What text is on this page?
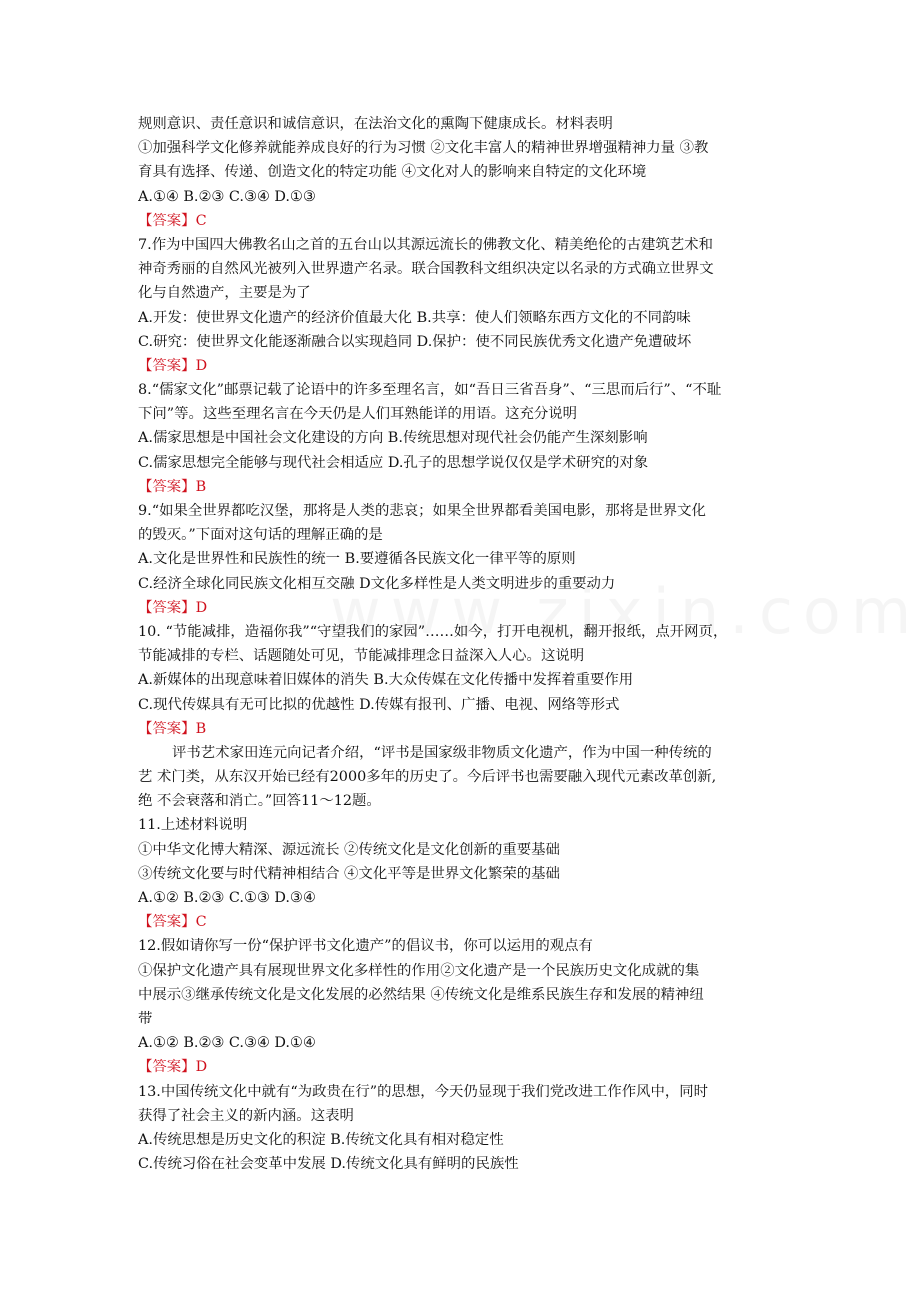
规则意识、责任意识和诚信意识，在法治文化的熏陶下健康成长。材料表明
①加强科学文化修养就能养成良好的行为习惯 ②文化丰富人的精神世界增强精神力量 ③教
育具有选择、传递、创造文化的特定功能 ④文化对人的影响来自特定的文化环境
A.①④ B.②③ C.③④ D.①③
【答案】C
7.作为中国四大佛教名山之首的五台山以其源远流长的佛教文化、精美绝伦的古建筑艺术和
神奇秀丽的自然风光被列入世界遗产名录。联合国教科文组织决定以名录的方式确立世界文
化与自然遗产，主要是为了
A.开发：使世界文化遗产的经济价值最大化 B.共享：使人们领略东西方文化的不同韵味
C.研究：使世界文化能逐渐融合以实现趋同 D.保护：使不同民族优秀文化遗产免遭破坏
【答案】D
8.“儒家文化”邮票记载了论语中的许多至理名言，如“吾日三省吾身”、“三思而后行”、“不耻
下问”等。这些至理名言在今天仍是人们耳熟能详的用语。这充分说明
A.儒家思想是中国社会文化建设的方向 B.传统思想对现代社会仍能产生深刻影响
C.儒家思想完全能够与现代社会相适应 D.孔子的思想学说仅仅是学术研究的对象
【答案】B
9.“如果全世界都吃汉堡，那将是人类的悲哀；如果全世界都看美国电影，那将是世界文化
的毁灭。”下面对这句话的理解正确的是
A.文化是世界性和民族性的统一 B.要遵循各民族文化一律平等的原则
C.经济全球化同民族文化相互交融 D文化多样性是人类文明进步的重要动力
【答案】D
10. “节能减排，造福你我”“守望我们的家园”……如今，打开电视机，翻开报纸，点开网页，
节能减排的专栏、话题随处可见，节能减排理念日益深入人心。这说明
A.新媒体的出现意味着旧媒体的消失 B.大众传媒在文化传播中发挥着重要作用
C.现代传媒具有无可比拟的优越性 D.传媒有报刊、广播、电视、网络等形式
【答案】B
评书艺术家田连元向记者介绍，“评书是国家级非物质文化遗产，作为中国一种传统的
艺 术门类，从东汉开始已经有2000多年的历史了。今后评书也需要融入现代元素改革创新,
绝 不会衰落和消亡。”回答11～12题。
11.上述材料说明
①中华文化博大精深、源远流长 ②传统文化是文化创新的重要基础
③传统文化要与时代精神相结合 ④文化平等是世界文化繁荣的基础
A.①② B.②③ C.①③ D.③④
【答案】C
12.假如请你写一份“保护评书文化遗产”的倡议书，你可以运用的观点有
①保护文化遗产具有展现世界文化多样性的作用②文化遗产是一个民族历史文化成就的集
中展示③继承传统文化是文化发展的必然结果 ④传统文化是维系民族生存和发展的精神纽
带
A.①② B.②③ C.③④ D.①④
【答案】D
13.中国传统文化中就有“为政贵在行”的思想，今天仍显现于我们党改进工作作风中，同时
获得了社会主义的新内涵。这表明
A.传统思想是历史文化的积淀 B.传统文化具有相对稳定性
C.传统习俗在社会变革中发展 D.传统文化具有鲜明的民族性
